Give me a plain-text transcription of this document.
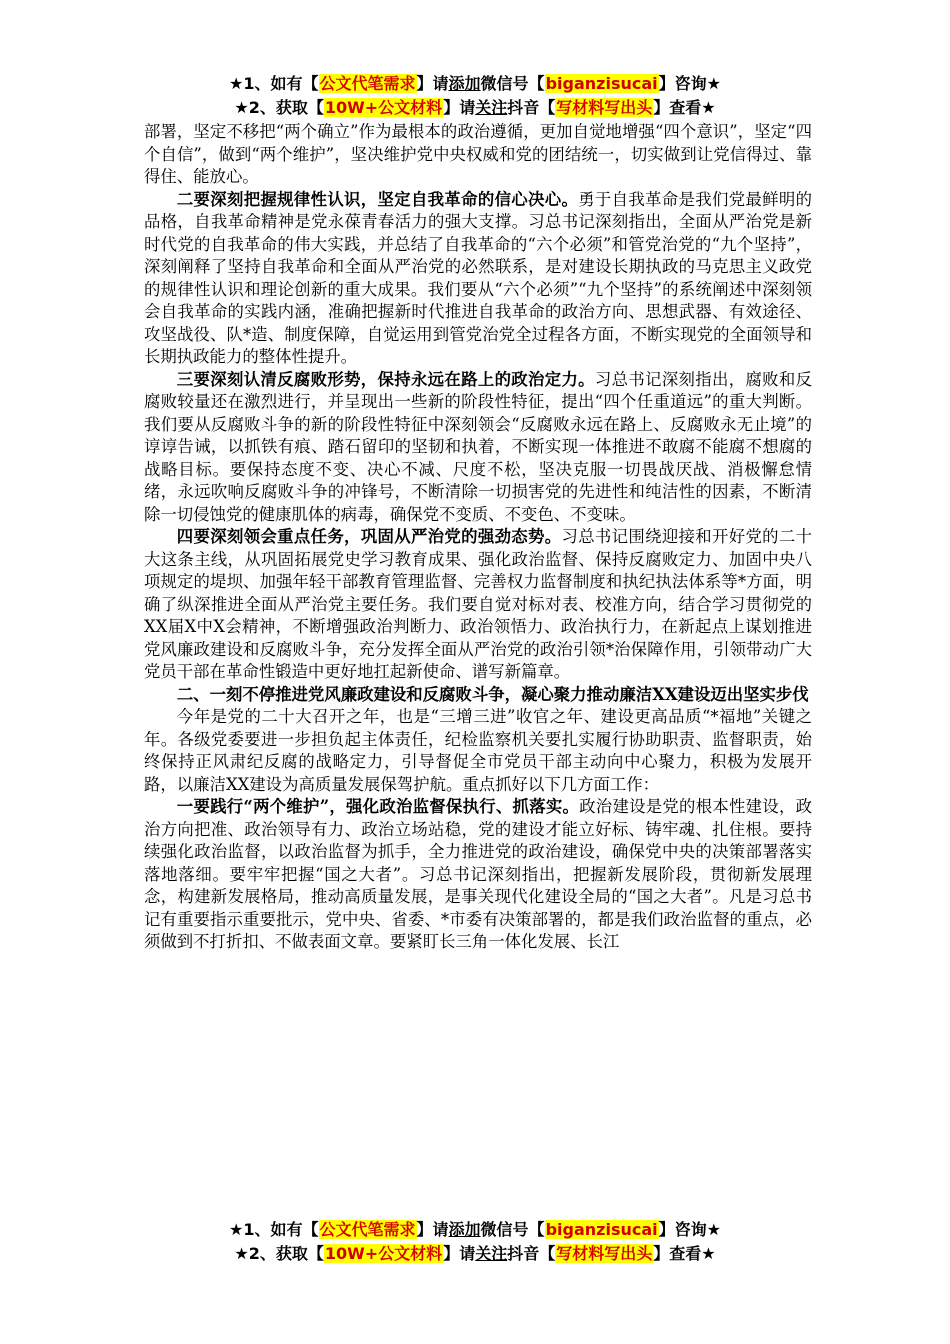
★1、如有【公文代笔需求】请添加微信号【biganzisucai】咨询★
★2、获取【10W+公文材料】请关注抖音【写材料写出头】查看★

部署，坚定不移把“两个确立”作为最根本的政治遵循，更加自觉地增强“四个意识”，坚定“四个自信”，做到“两个维护”，坚决维护党中央权威和党的团结统一，切实做到让党信得过、靠得住、能放心。

二要深刻把握规律性认识，坚定自我革命的信心决心。勇于自我革命是我们党最鲜明的品格，自我革命精神是党永葆青春活力的强大支撑。习总书记深刻指出，全面从严治党是新时代党的自我革命的伟大实践，并总结了自我革命的“六个必须”和管党治党的“九个坚持”，深刻阐释了坚持自我革命和全面从严治党的必然联系，是对建设长期执政的马克思主义政党的规律性认识和理论创新的重大成果。我们要从“六个必须”“九个坚持”的系统阐述中深刻领会自我革命的实践内涵，准确把握新时代推进自我革命的政治方向、思想武器、有效途径、攻坚战役、队*造、制度保障，自觉运用到管党治党全过程各方面，不断实现党的全面领导和长期执政能力的整体性提升。

三要深刻认清反腐败形势，保持永远在路上的政治定力。习总书记深刻指出，腐败和反腐败较量还在激烈进行，并呈现出一些新的阶段性特征，提出“四个任重道远”的重大判断。我们要从反腐败斗争的新的阶段性特征中深刻领会“反腐败永远在路上、反腐败永无止境”的谆谆告诫，以抓铁有痕、踏石留印的坚韧和执着，不断实现一体推进不敢腐不能腐不想腐的战略目标。要保持态度不变、决心不减、尺度不松，坚决克服一切畏战厌战、消极懈怠情绪，永远吹响反腐败斗争的冲锋号，不断清除一切损害党的先进性和纯洁性的因素，不断清除一切侵蚀党的健康肌体的病毒，确保党不变质、不变色、不变味。

四要深刻领会重点任务，巩固从严治党的强劲态势。习总书记围绕迎接和开好党的二十大这条主线，从巩固拓展党史学习教育成果、强化政治监督、保持反腐败定力、加固中央八项规定的堤坝、加强年轻干部教育管理监督、完善权力监督制度和执纪执法体系等*方面，明确了纵深推进全面从严治党主要任务。我们要自觉对标对表、校准方向，结合学习贯彻党的XX届X中X会精神，不断增强政治判断力、政治领悟力、政治执行力，在新起点上谋划推进党风廉政建设和反腐败斗争，充分发挥全面从严治党的政治引领*治保障作用，引领带动广大党员干部在革命性锻造中更好地扛起新使命、谱写新篇章。

二、一刻不停推进党风廉政建设和反腐败斗争，凝心聚力推动廉洁XX建设迈出坚实步伐

今年是党的二十大召开之年，也是“三增三进”收官之年、建设更高品质“*福地”关键之年。各级党委要进一步担负起主体责任，纪检监察机关要扎实履行协助职责、监督职责，始终保持正风肃纪反腐的战略定力，引导督促全市党员干部主动向中心聚力，积极为发展开路，以廉洁XX建设为高质量发展保驾护航。重点抓好以下几方面工作：

一要践行“两个维护”，强化政治监督保执行、抓落实。政治建设是党的根本性建设，政治方向把准、政治领导有力、政治立场站稳，党的建设才能立好标、铸牢魂、扎住根。要持续强化政治监督，以政治监督为抓手，全力推进党的政治建设，确保党中央的决策部署落实落地落细。要牢牢把握“国之大者”。习总书记深刻指出，把握新发展阶段，贯彻新发展理念，构建新发展格局，推动高质量发展，是事关现代化建设全局的“国之大者”。凡是习总书记有重要指示重要批示，党中央、省委、*市委有决策部署的，都是我们政治监督的重点，必须做到不打折扣、不做表面文章。要紧盯长三角一体化发展、长江

★1、如有【公文代笔需求】请添加微信号【biganzisucai】咨询★
★2、获取【10W+公文材料】请关注抖音【写材料写出头】查看★
